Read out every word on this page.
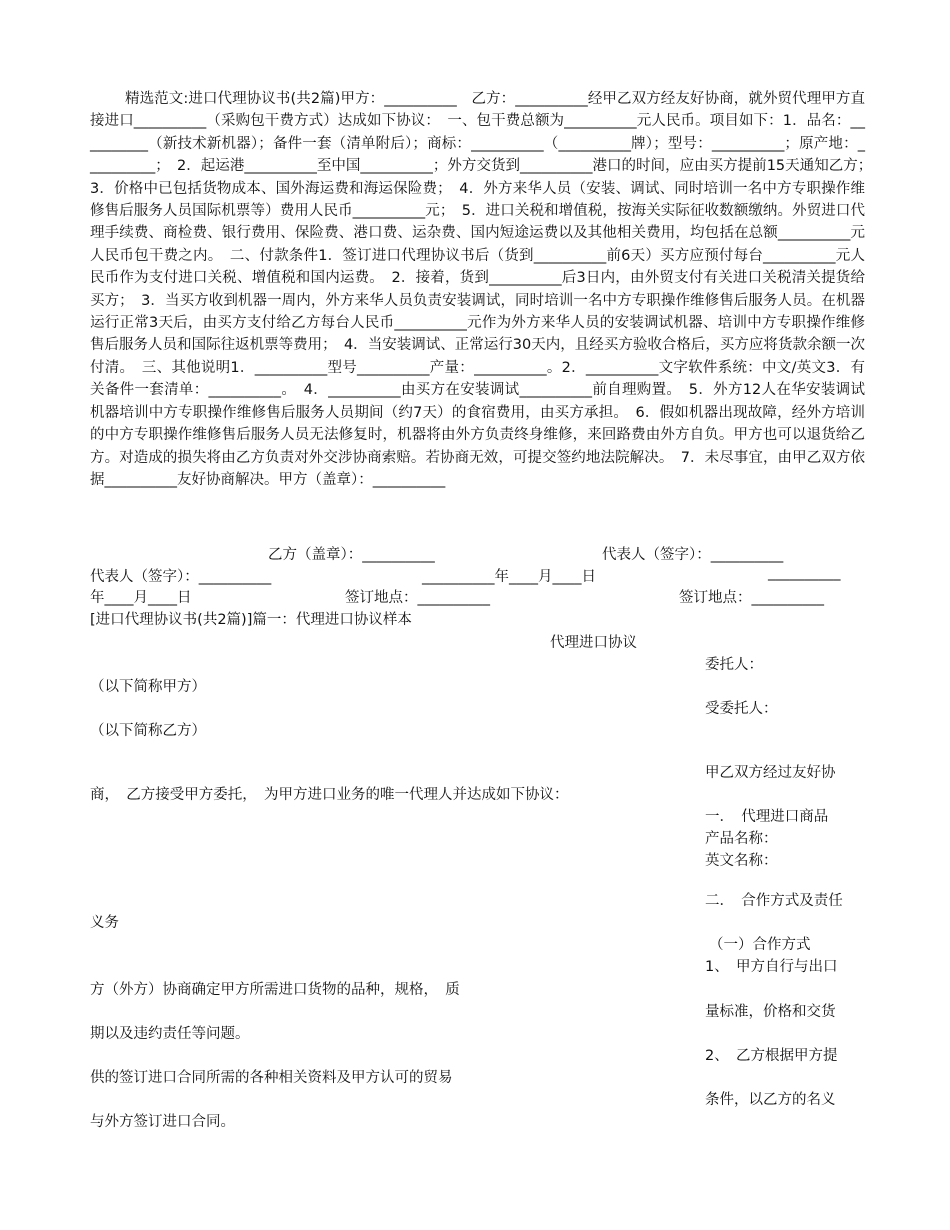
精选范文:进口代理协议书(共2篇)甲方：__________　乙方：__________经甲乙双方经友好协商，就外贸代理甲方直接进口__________（采购包干费方式）达成如下协议：　一、包干费总额为__________元人民币。项目如下：1．品名：__________（新技术新机器）；备件一套（清单附后）；商标：__________（__________牌）；型号：__________；原产地：__________；　2．起运港__________至中国__________；外方交货到__________港口的时间，应由买方提前15天通知乙方；　3．价格中已包括货物成本、国外海运费和海运保险费；　4．外方来华人员（安装、调试、同时培训一名中方专职操作维修售后服务人员国际机票等）费用人民币__________元；　5．进口关税和增值税，按海关实际征收数额缴纳。外贸进口代理手续费、商检费、银行费用、保险费、港口费、运杂费、国内短途运费以及其他相关费用，均包括在总额__________元人民币包干费之内。　二、付款条件1．签订进口代理协议书后（货到__________前6天）买方应预付每台__________元人民币作为支付进口关税、增值税和国内运费。　2．接着，货到__________后3日内，由外贸支付有关进口关税清关提货给买方；　3．当买方收到机器一周内，外方来华人员负责安装调试，同时培训一名中方专职操作维修售后服务人员。在机器运行正常3天后，由买方支付给乙方每台人民币__________元作为外方来华人员的安装调试机器、培训中方专职操作维修售后服务人员和国际往返机票等费用；　4．当安装调试、正常运行30天内，且经买方验收合格后，买方应将货款余额一次付清。　三、其他说明1．__________型号__________产量：__________。2．__________文字软件系统：中文/英文3．有关备件一套清单：__________。　4．__________由买方在安装调试__________前自理购置。　5．外方12人在华安装调试机器培训中方专职操作维修售后服务人员期间（约7天）的食宿费用，由买方承担。　6．假如机器出现故障，经外方培训的中方专职操作维修售后服务人员无法修复时，机器将由外方负责终身维修，来回路费由外方自负。甲方也可以退货给乙方。对造成的损失将由乙方负责对外交涉协商索赔。若协商无效，可提交签约地法院解决。　7．未尽事宜，由甲乙双方依据__________友好协商解决。甲方（盖章）：__________

乙方（盖章）：__________	代表人（签字）：__________
代表人（签字）：__________	__________年____月____日	__________
年____月____日	签订地点：__________	签订地点：__________
[进口代理协议书(共2篇)]篇一：代理进口协议样本
代理进口协议
委托人：
（以下简称甲方）
受委托人：
（以下简称乙方）
甲乙双方经过友好协
商，　乙方接受甲方委托，　为甲方进口业务的唯一代理人并达成如下协议：
一．　代理进口商品
产品名称：
英文名称：
二．　合作方式及责任
义务
（一）合作方式
1、　甲方自行与出口
方（外方）协商确定甲方所需进口货物的品种，规格，　质
量标准，价格和交货
期以及违约责任等问题。
2、　乙方根据甲方提
供的签订进口合同所需的各种相关资料及甲方认可的贸易
条件，以乙方的名义
与外方签订进口合同。
